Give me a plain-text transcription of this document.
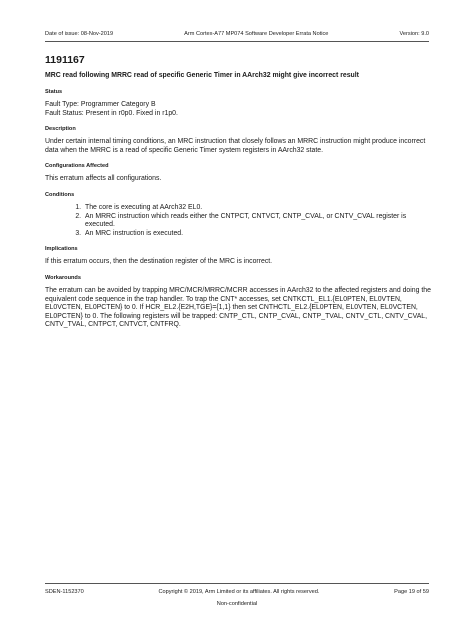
Date of issue: 08-Nov-2019	Arm Cortex-A77 MP074 Software Developer Errata Notice	Version: 9.0
1191167
MRC read following MRRC read of specific Generic Timer in AArch32 might give incorrect result
Status
Fault Type: Programmer Category B
Fault Status: Present in r0p0. Fixed in r1p0.
Description
Under certain internal timing conditions, an MRC instruction that closely follows an MRRC instruction might produce incorrect data when the MRRC is a read of specific Generic Timer system registers in AArch32 state.
Configurations Affected
This erratum affects all configurations.
Conditions
1. The core is executing at AArch32 EL0.
2. An MRRC instruction which reads either the CNTPCT, CNTVCT, CNTP_CVAL, or CNTV_CVAL register is executed.
3. An MRC instruction is executed.
Implications
If this erratum occurs, then the destination register of the MRC is incorrect.
Workarounds
The erratum can be avoided by trapping MRC/MCR/MRRC/MCRR accesses in AArch32 to the affected registers and doing the equivalent code sequence in the trap handler. To trap the CNT* accesses, set CNTKCTL_EL1.{EL0PTEN, EL0VTEN, EL0VCTEN, EL0PCTEN} to 0. If HCR_EL2.{E2H,TGE}={1,1} then set CNTHCTL_EL2.{EL0PTEN, EL0VTEN, EL0VCTEN, EL0PCTEN} to 0. The following registers will be trapped: CNTP_CTL, CNTP_CVAL, CNTP_TVAL, CNTV_CTL, CNTV_CVAL, CNTV_TVAL, CNTPCT, CNTVCT, CNTFRQ.
SDEN-1152370	Copyright © 2019, Arm Limited or its affiliates. All rights reserved.	Page 19 of 59
Non-confidential
